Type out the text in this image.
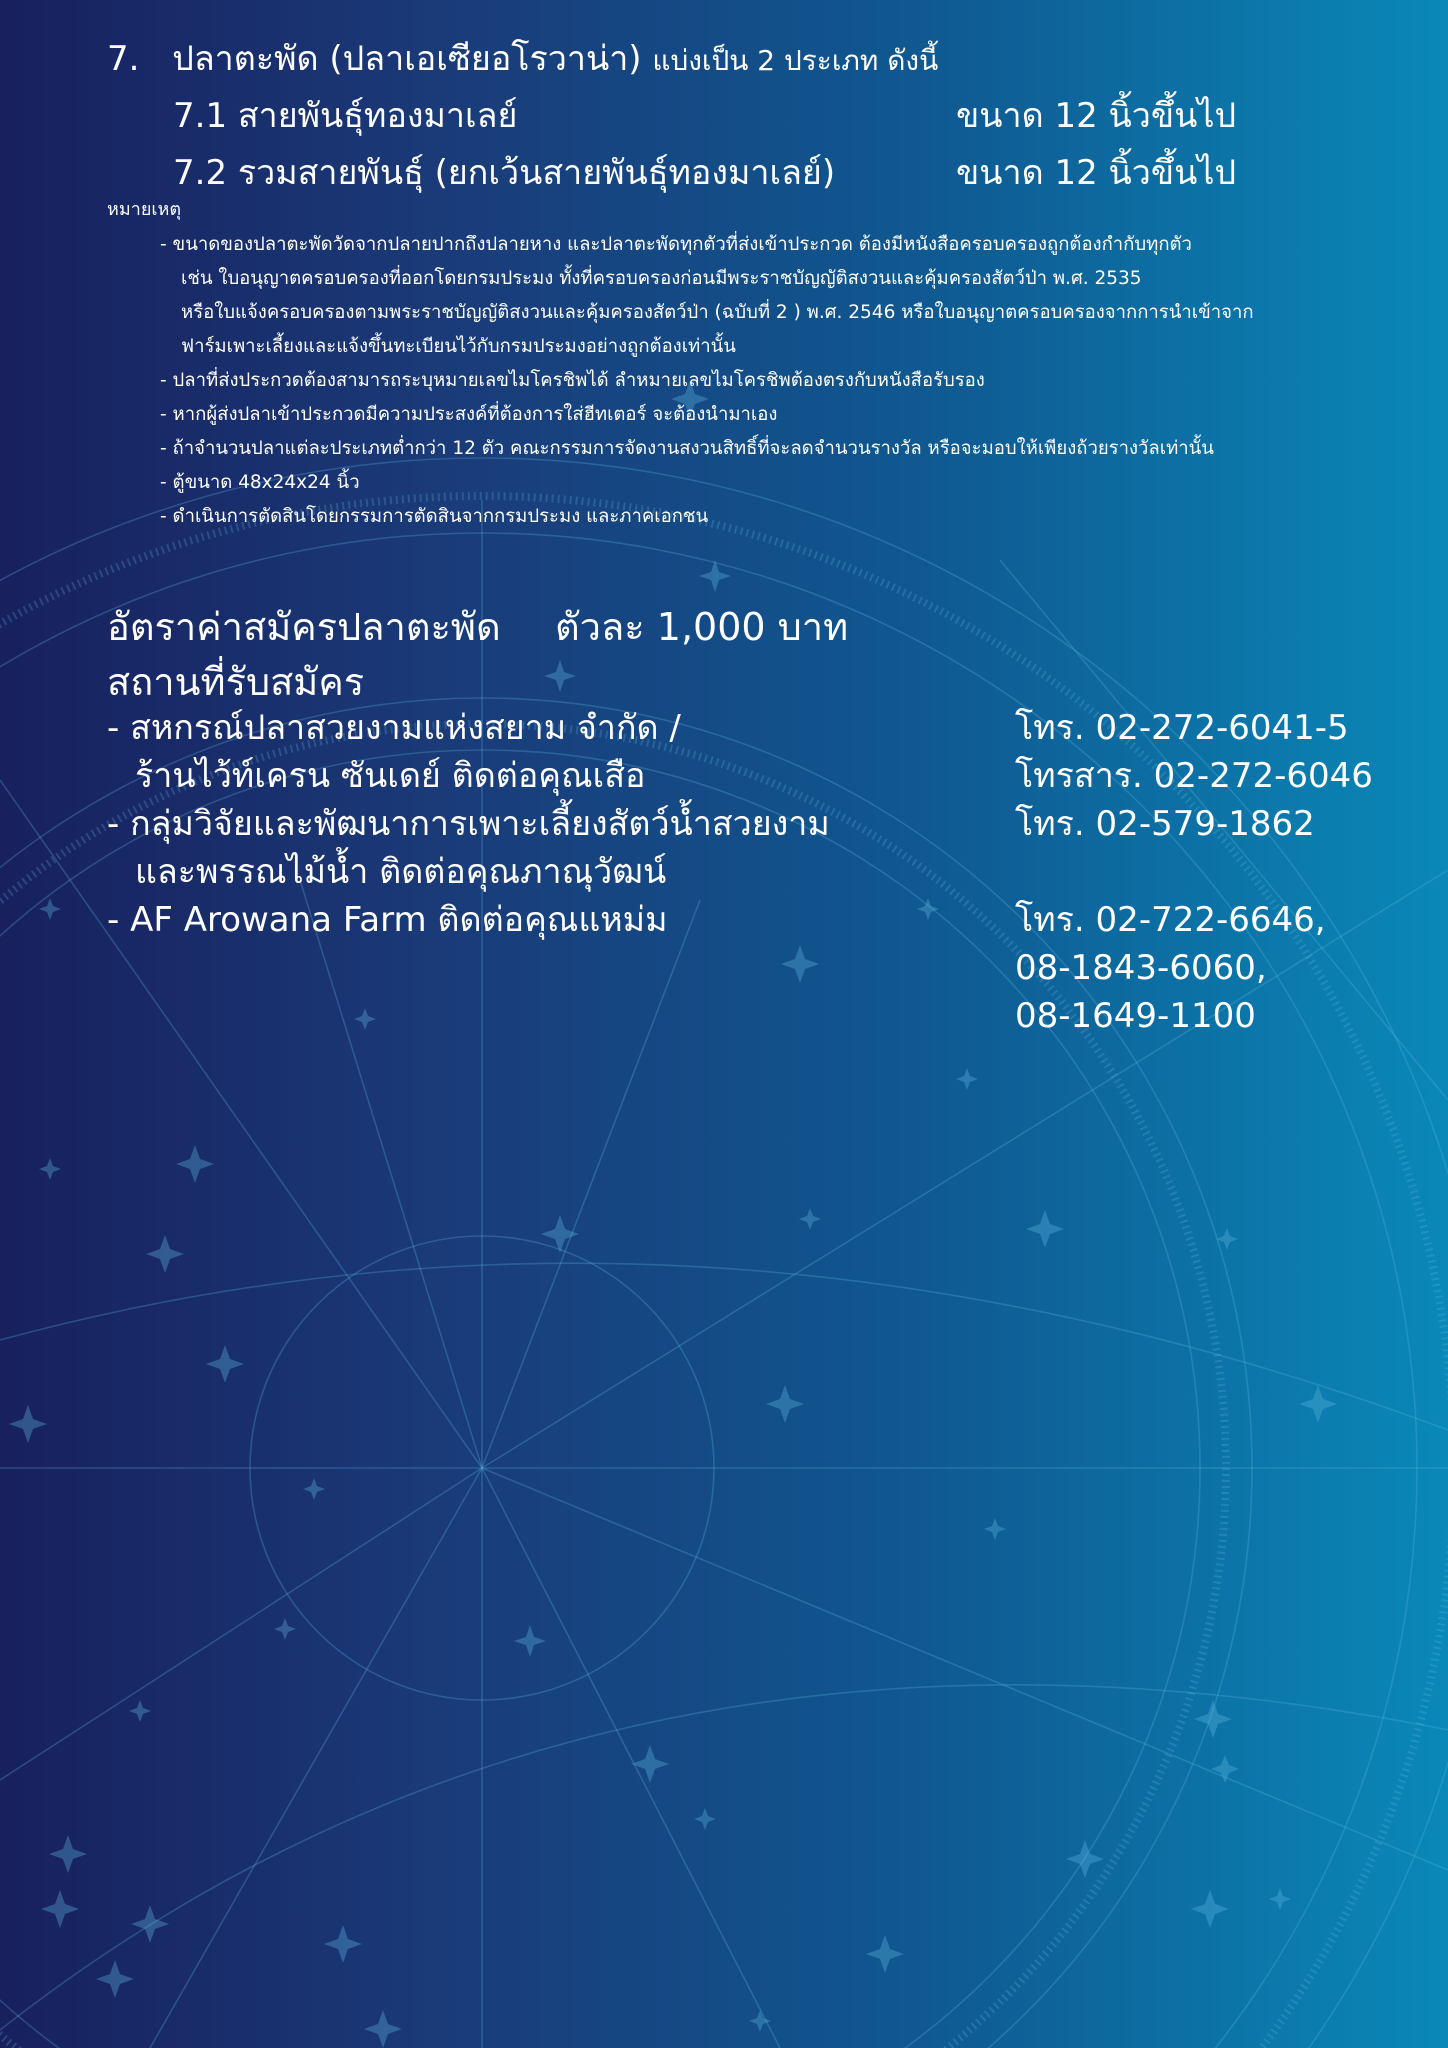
7. ปลาตะพัด (ปลาเอเซียอโรวาน่า) แบ่งเป็น 2 ประเภท ดังนี้
7.1 สายพันธุ์ทองมาเลย์	ขนาด 12 นิ้วขึ้นไป
7.2 รวมสายพันธุ์ (ยกเว้นสายพันธุ์ทองมาเลย์)	ขนาด 12 นิ้วขึ้นไป
หมายเหตุ
- ขนาดของปลาตะพัดวัดจากปลายปากถึงปลายหาง และปลาตะพัดทุกตัวที่ส่งเข้าประกวด ต้องมีหนังสือครอบครองถูกต้องกำกับทุกตัว
เช่น ใบอนุญาตครอบครองที่ออกโดยกรมประมง ทั้งที่ครอบครองก่อนมีพระราชบัญญัติสงวนและคุ้มครองสัตว์ป่า พ.ศ. 2535
หรือใบแจ้งครอบครองตามพระราชบัญญัติสงวนและคุ้มครองสัตว์ป่า (ฉบับที่ 2 ) พ.ศ. 2546 หรือใบอนุญาตครอบครองจากการนำเข้าจาก
ฟาร์มเพาะเลี้ยงและแจ้งขึ้นทะเบียนไว้กับกรมประมงอย่างถูกต้องเท่านั้น
- ปลาที่ส่งประกวดต้องสามารถระบุหมายเลขไมโครชิพได้ ลำหมายเลขไมโครชิพต้องตรงกับหนังสือรับรอง
- หากผู้ส่งปลาเข้าประกวดมีความประสงค์ที่ต้องการใส่ฮีทเตอร์ จะต้องนำมาเอง
- ถ้าจำนวนปลาแต่ละประเภทต่ำกว่า 12 ตัว คณะกรรมการจัดงานสงวนสิทธิ์ที่จะลดจำนวนรางวัล หรือจะมอบให้เพียงถ้วยรางวัลเท่านั้น
- ตู้ขนาด 48x24x24 นิ้ว
- ดำเนินการตัดสินโดยกรรมการตัดสินจากกรมประมง และภาคเอกชน
อัตราค่าสมัครปลาตะพัด ตัวละ 1,000 บาท
สถานที่รับสมัคร
- สหกรณ์ปลาสวยงามแห่งสยาม จำกัด /
ร้านไว้ท์เครน ซันเดย์ ติดต่อคุณเสือ
- กลุ่มวิจัยและพัฒนาการเพาะเลี้ยงสัตว์น้ำสวยงาม
และพรรณไม้น้ำ ติดต่อคุณภาณุวัฒน์
- AF Arowana Farm ติดต่อคุณแหม่ม
โทร. 02-272-6041-5
โทรสาร. 02-272-6046
โทร. 02-579-1862
โทร. 02-722-6646,
08-1843-6060,
08-1649-1100
